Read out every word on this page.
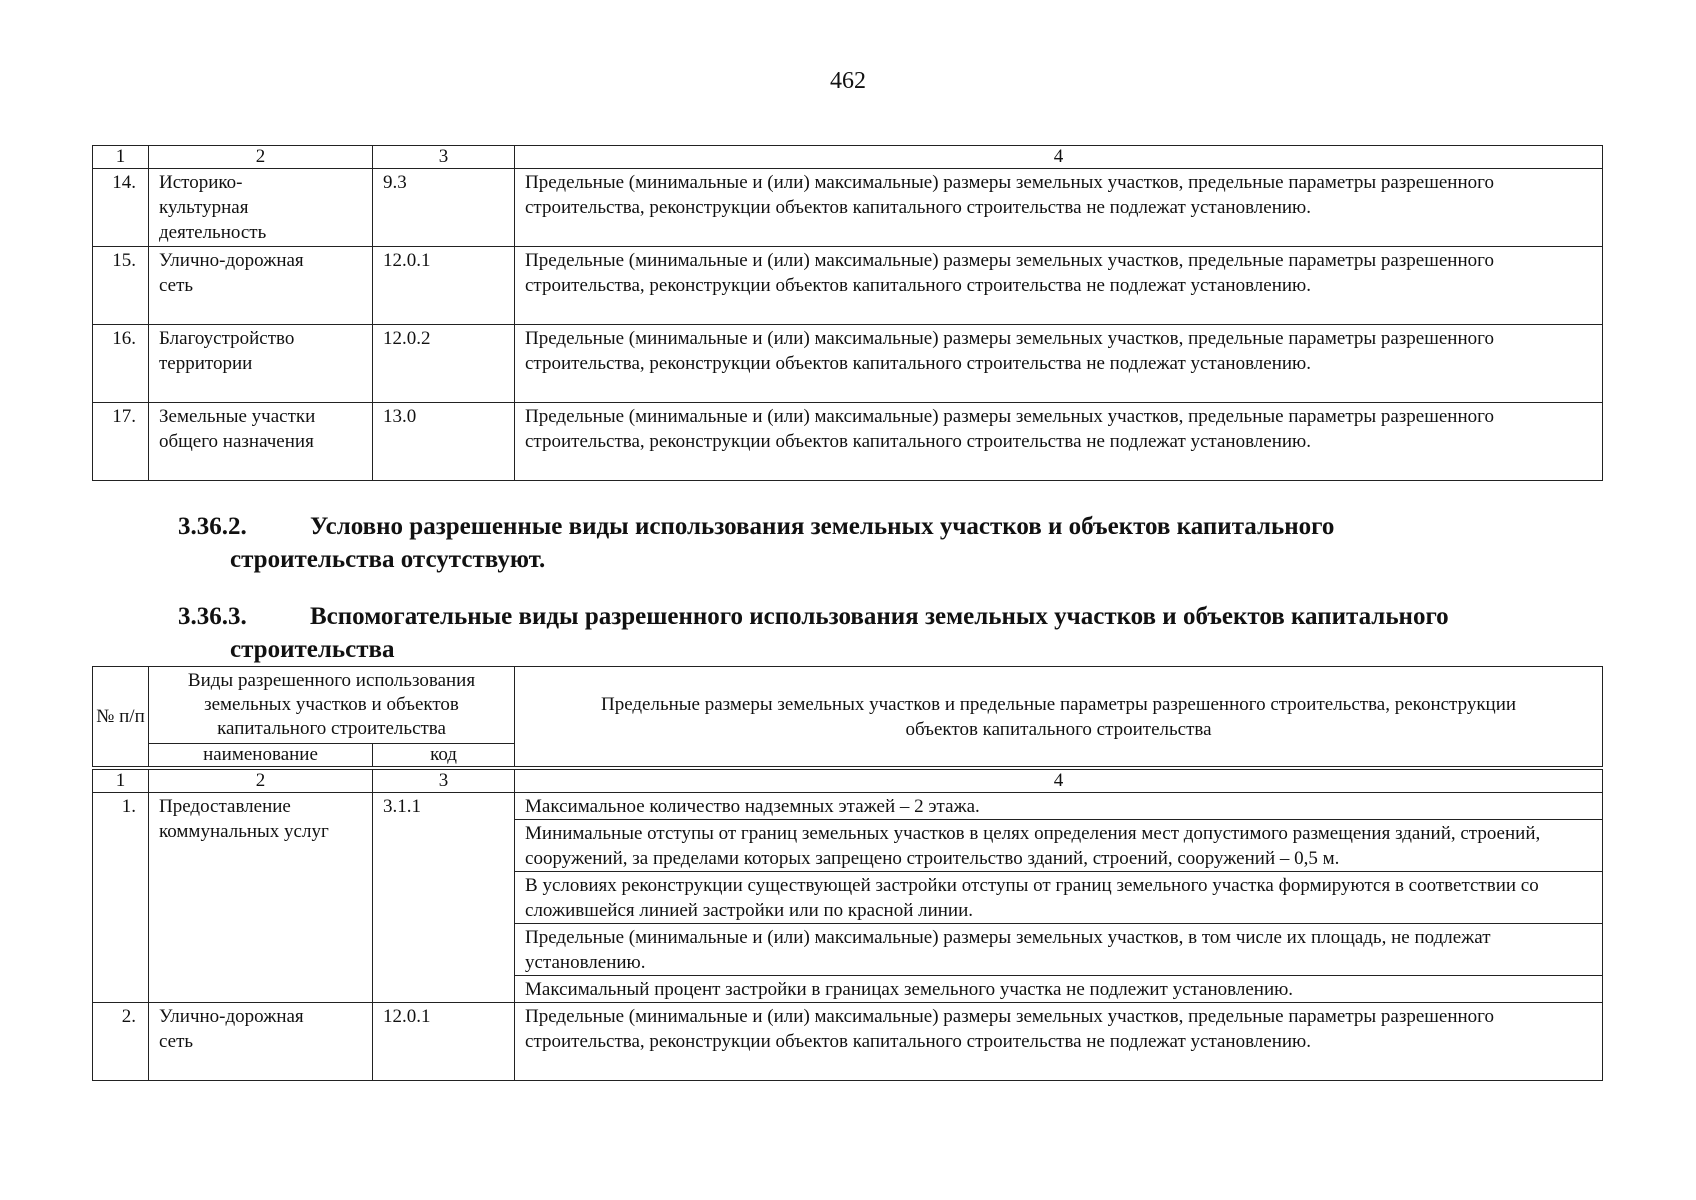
462
1	2	3	4
14.	Историко-культурная деятельность	9.3	Предельные (минимальные и (или) максимальные) размеры земельных участков, предельные параметры разрешенного строительства, реконструкции объектов капитального строительства не подлежат установлению.
15.	Улично-дорожная сеть	12.0.1	Предельные (минимальные и (или) максимальные) размеры земельных участков, предельные параметры разрешенного строительства, реконструкции объектов капитального строительства не подлежат установлению.
16.	Благоустройство территории	12.0.2	Предельные (минимальные и (или) максимальные) размеры земельных участков, предельные параметры разрешенного строительства, реконструкции объектов капитального строительства не подлежат установлению.
17.	Земельные участки общего назначения	13.0	Предельные (минимальные и (или) максимальные) размеры земельных участков, предельные параметры разрешенного строительства, реконструкции объектов капитального строительства не подлежат установлению.
3.36.2.	Условно разрешенные виды использования земельных участков и объектов капитального
строительства отсутствуют.
3.36.3.	Вспомогательные виды разрешенного использования земельных участков и объектов капитального
строительства
№ п/п	Виды разрешенного использования земельных участков и объектов капитального строительства		Предельные размеры земельных участков и предельные параметры разрешенного строительства, реконструкции объектов капитального строительства
	наименование	код	
1	2	3	4
1.	Предоставление коммунальных услуг	3.1.1	Максимальное количество надземных этажей – 2 этажа.
			Минимальные отступы от границ земельных участков в целях определения мест допустимого размещения зданий, строений, сооружений, за пределами которых запрещено строительство зданий, строений, сооружений – 0,5 м.
			В условиях реконструкции существующей застройки отступы от границ земельного участка формируются в соответствии со сложившейся линией застройки или по красной линии.
			Предельные (минимальные и (или) максимальные) размеры земельных участков, в том числе их площадь, не подлежат установлению.
			Максимальный процент застройки в границах земельного участка не подлежит установлению.
2.	Улично-дорожная сеть	12.0.1	Предельные (минимальные и (или) максимальные) размеры земельных участков, предельные параметры разрешенного строительства, реконструкции объектов капитального строительства не подлежат установлению.
